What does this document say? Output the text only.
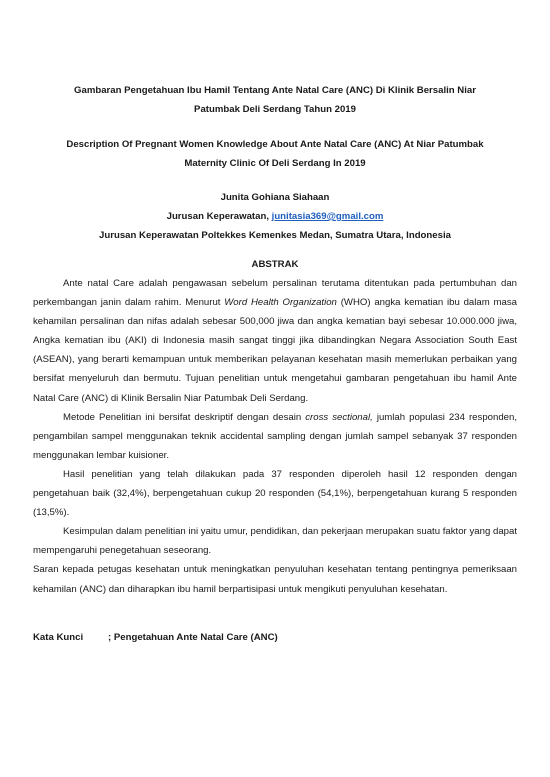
Gambaran Pengetahuan Ibu Hamil Tentang Ante Natal Care (ANC) Di Klinik Bersalin Niar

Patumbak Deli Serdang Tahun 2019

Description Of Pregnant Women Knowledge About Ante Natal Care (ANC) At Niar Patumbak

Maternity Clinic Of Deli Serdang In 2019

Junita Gohiana Siahaan

Jurusan Keperawatan, junitasia369@gmail.com

Jurusan Keperawatan Poltekkes Kemenkes Medan, Sumatra Utara, Indonesia

ABSTRAK

Ante natal Care adalah pengawasan sebelum persalinan terutama ditentukan pada pertumbuhan dan perkembangan janin dalam rahim. Menurut Word Health Organization (WHO) angka kematian ibu dalam masa kehamilan persalinan dan nifas adalah sebesar 500,000 jiwa dan angka kematian bayi sebesar 10.000.000 jiwa, Angka kematian ibu (AKI) di Indonesia masih sangat tinggi jika dibandingkan Negara Association South East (ASEAN), yang berarti kemampuan untuk memberikan pelayanan kesehatan masih memerlukan perbaikan yang bersifat menyeluruh dan bermutu. Tujuan penelitian untuk mengetahui gambaran pengetahuan ibu hamil Ante Natal Care (ANC) di Klinik Bersalin Niar Patumbak Deli Serdang.

Metode Penelitian ini bersifat deskriptif dengan desain cross sectional, jumlah populasi 234 responden, pengambilan sampel menggunakan teknik accidental sampling dengan jumlah sampel sebanyak 37 responden menggunakan lembar kuisioner.

Hasil penelitian yang telah dilakukan pada 37 responden diperoleh hasil 12 responden dengan pengetahuan baik (32,4%), berpengetahuan cukup 20 responden (54,1%), berpengetahuan kurang 5 responden (13,5%).

Kesimpulan dalam penelitian ini yaitu umur, pendidikan, dan pekerjaan merupakan suatu faktor yang dapat mempengaruhi penegetahuan seseorang.

Saran kepada petugas kesehatan untuk meningkatkan penyuluhan kesehatan tentang pentingnya pemeriksaan kehamilan (ANC) dan diharapkan ibu hamil berpartisipasi untuk mengikuti penyuluhan kesehatan.

Kata Kunci	; Pengetahuan Ante Natal Care (ANC)
